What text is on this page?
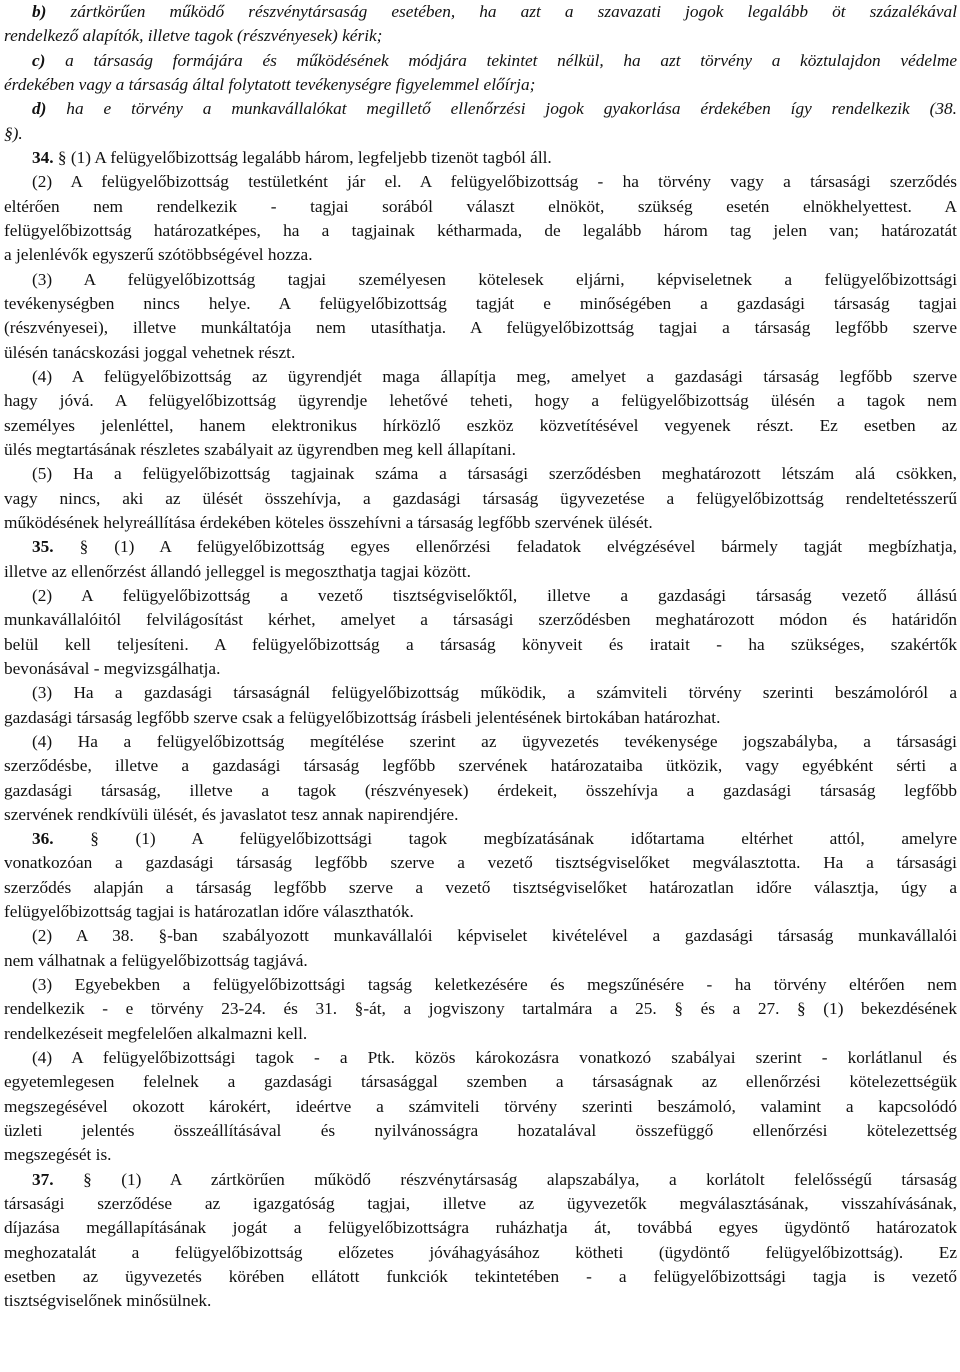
b) zártkörűen működő részvénytársaság esetében, ha azt a szavazati jogok legalább öt százalékával
rendelkező alapítók, illetve tagok (részvényesek) kérik;
c) a társaság formájára és működésének módjára tekintet nélkül, ha azt törvény a köztulajdon védelme
érdekében vagy a társaság által folytatott tevékenységre figyelemmel előírja;
d) ha e törvény a munkavállalókat megillető ellenőrzési jogok gyakorlása érdekében így rendelkezik (38.
§).
34. § (1) A felügyelőbizottság legalább három, legfeljebb tizenöt tagból áll.
(2) A felügyelőbizottság testületként jár el. A felügyelőbizottság - ha törvény vagy a társasági szerződés
eltérően nem rendelkezik - tagjai sorából választ elnököt, szükség esetén elnökhelyettest. A
felügyelőbizottság határozatképes, ha a tagjainak kétharmada, de legalább három tag jelen van; határozatát
a jelenlévők egyszerű szótöbbségével hozza.
(3) A felügyelőbizottság tagjai személyesen kötelesek eljárni, képviseletnek a felügyelőbizottsági
tevékenységben nincs helye. A felügyelőbizottság tagját e minőségében a gazdasági társaság tagjai
(részvényesei), illetve munkáltatója nem utasíthatja. A felügyelőbizottság tagjai a társaság legfőbb szerve
ülésén tanácskozási joggal vehetnek részt.
(4) A felügyelőbizottság az ügyrendjét maga állapítja meg, amelyet a gazdasági társaság legfőbb szerve
hagy jóvá. A felügyelőbizottság ügyrendje lehetővé teheti, hogy a felügyelőbizottság ülésén a tagok nem
személyes jelenléttel, hanem elektronikus hírközlő eszköz közvetítésével vegyenek részt. Ez esetben az
ülés megtartásának részletes szabályait az ügyrendben meg kell állapítani.
(5) Ha a felügyelőbizottság tagjainak száma a társasági szerződésben meghatározott létszám alá csökken,
vagy nincs, aki az ülését összehívja, a gazdasági társaság ügyvezetése a felügyelőbizottság rendeltetésszerű
működésének helyreállítása érdekében köteles összehívni a társaság legfőbb szervének ülését.
35. § (1) A felügyelőbizottság egyes ellenőrzési feladatok elvégzésével bármely tagját megbízhatja,
illetve az ellenőrzést állandó jelleggel is megoszthatja tagjai között.
(2) A felügyelőbizottság a vezető tisztségviselőktől, illetve a gazdasági társaság vezető állású
munkavállalóitól felvilágosítást kérhet, amelyet a társasági szerződésben meghatározott módon és határidőn
belül kell teljesíteni. A felügyelőbizottság a társaság könyveit és iratait - ha szükséges, szakértők
bevonásával - megvizsgálhatja.
(3) Ha a gazdasági társaságnál felügyelőbizottság működik, a számviteli törvény szerinti beszámolóról a
gazdasági társaság legfőbb szerve csak a felügyelőbizottság írásbeli jelentésének birtokában határozhat.
(4) Ha a felügyelőbizottság megítélése szerint az ügyvezetés tevékenysége jogszabályba, a társasági
szerződésbe, illetve a gazdasági társaság legfőbb szervének határozataiba ütközik, vagy egyébként sérti a
gazdasági társaság, illetve a tagok (részvényesek) érdekeit, összehívja a gazdasági társaság legfőbb
szervének rendkívüli ülését, és javaslatot tesz annak napirendjére.
36. § (1) A felügyelőbizottsági tagok megbízatásának időtartama eltérhet attól, amelyre
vonatkozóan a gazdasági társaság legfőbb szerve a vezető tisztségviselőket megválasztotta. Ha a társasági
szerződés alapján a társaság legfőbb szerve a vezető tisztségviselőket határozatlan időre választja, úgy a
felügyelőbizottság tagjai is határozatlan időre választhatók.
(2) A 38. §-ban szabályozott munkavállalói képviselet kivételével a gazdasági társaság munkavállalói
nem válhatnak a felügyelőbizottság tagjává.
(3) Egyebekben a felügyelőbizottsági tagság keletkezésére és megszűnésére - ha törvény eltérően nem
rendelkezik - e törvény 23-24. és 31. §-át, a jogviszony tartalmára a 25. § és a 27. § (1) bekezdésének
rendelkezéseit megfelelően alkalmazni kell.
(4) A felügyelőbizottsági tagok - a Ptk. közös károkozásra vonatkozó szabályai szerint - korlátlanul és
egyetemlegesen felelnek a gazdasági társasággal szemben a társaságnak az ellenőrzési kötelezettségük
megszegésével okozott károkért, ideértve a számviteli törvény szerinti beszámoló, valamint a kapcsolódó
üzleti jelentés összeállításával és nyilvánosságra hozatalával összefüggő ellenőrzési kötelezettség
megszegését is.
37. § (1) A zártkörűen működő részvénytársaság alapszabálya, a korlátolt felelősségű társaság
társasági szerződése az igazgatóság tagjai, illetve az ügyvezetők megválasztásának, visszahívásának,
díjazása megállapításának jogát a felügyelőbizottságra ruházhatja át, továbbá egyes ügydöntő határozatok
meghozatalát a felügyelőbizottság előzetes jóváhagyásához kötheti (ügydöntő felügyelőbizottság). Ez
esetben az ügyvezetés körében ellátott funkciók tekintetében - a felügyelőbizottsági tagja is vezető
tisztségviselőnek minősülnek.
